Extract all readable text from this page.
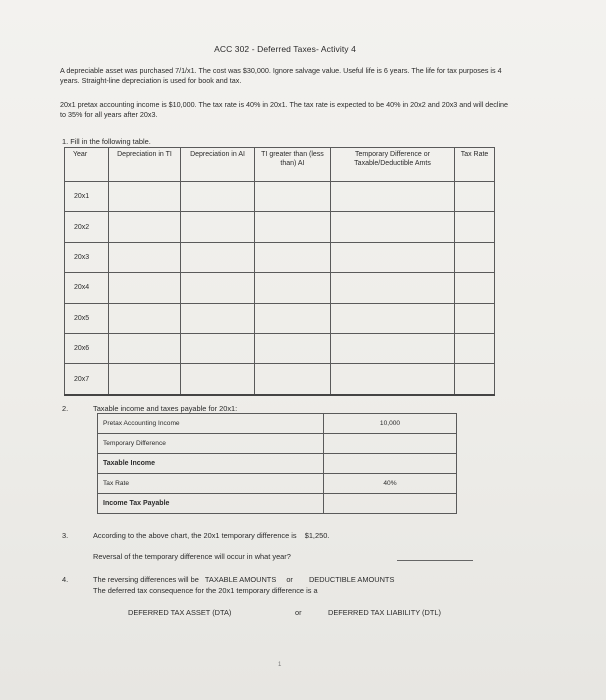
ACC 302 - Deferred Taxes- Activity 4
A depreciable asset was purchased 7/1/x1. The cost was $30,000. Ignore salvage value. Useful life is 6 years. The life for tax purposes is 4 years. Straight-line depreciation is used for book and tax.
20x1 pretax accounting income is $10,000. The tax rate is 40% in 20x1. The tax rate is expected to be 40% in 20x2 and 20x3 and will decline to 35% for all years after 20x3.
1. Fill in the following table.
Year	Depreciation in TI	Depreciation in AI	TI greater than (less than) AI	Temporary Difference or Taxable/Deductible Amts	Tax Rate
20x1					
20x2					
20x3					
20x4					
20x5					
20x6					
20x7					
2.	Taxable income and taxes payable for 20x1:
Pretax Accounting Income	10,000
Temporary Difference	
Taxable Income	
Tax Rate	40%
Income Tax Payable	
3.	According to the above chart, the 20x1 temporary difference is $1,250.
Reversal of the temporary difference will occur in what year?
4.	The reversing differences will be TAXABLE AMOUNTS or DEDUCTIBLE AMOUNTS
The deferred tax consequence for the 20x1 temporary difference is a
DEFERRED TAX ASSET (DTA)	or	DEFERRED TAX LIABILITY (DTL)
1
